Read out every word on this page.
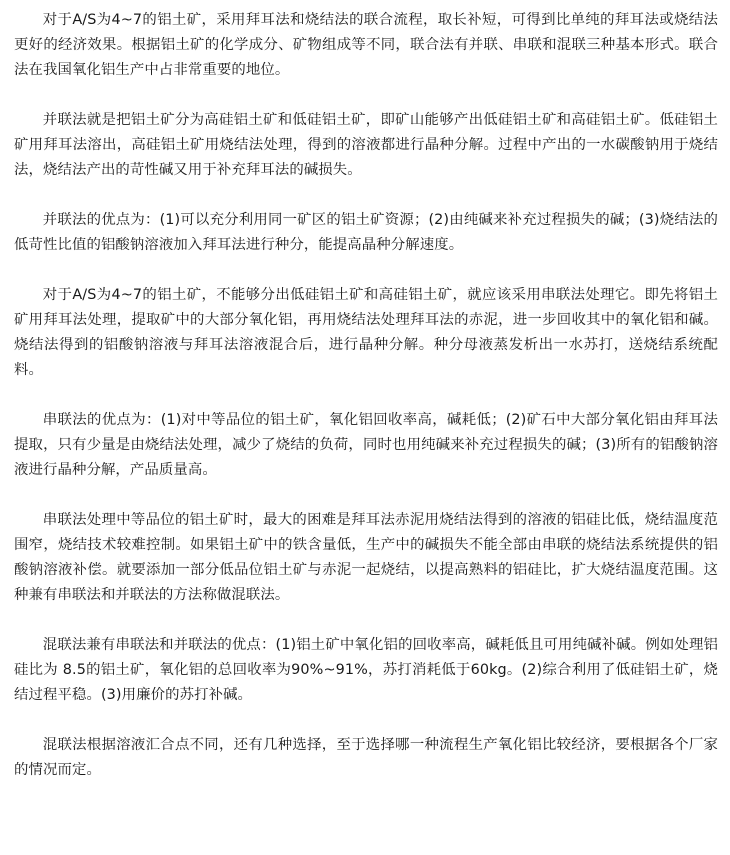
对于A/S为4~7的铝土矿，采用拜耳法和烧结法的联合流程，取长补短，可得到比单纯的拜耳法或烧结法更好的经济效果。根据铝土矿的化学成分、矿物组成等不同，联合法有并联、串联和混联三种基本形式。联合法在我国氧化铝生产中占非常重要的地位。

并联法就是把铝土矿分为高硅铝土矿和低硅铝土矿，即矿山能够产出低硅铝土矿和高硅铝土矿。低硅铝土矿用拜耳法溶出，高硅铝土矿用烧结法处理，得到的溶液都进行晶种分解。过程中产出的一水碳酸钠用于烧结法，烧结法产出的苛性碱又用于补充拜耳法的碱损失。

并联法的优点为：(1)可以充分利用同一矿区的铝土矿资源；(2)由纯碱来补充过程损失的碱；(3)烧结法的低苛性比值的铝酸钠溶液加入拜耳法进行种分，能提高晶种分解速度。

对于A/S为4~7的铝土矿，不能够分出低硅铝土矿和高硅铝土矿，就应该采用串联法处理它。即先将铝土矿用拜耳法处理，提取矿中的大部分氧化铝，再用烧结法处理拜耳法的赤泥，进一步回收其中的氧化铝和碱。烧结法得到的铝酸钠溶液与拜耳法溶液混合后，进行晶种分解。种分母液蒸发析出一水苏打，送烧结系统配料。

串联法的优点为：(1)对中等品位的铝土矿，氧化铝回收率高，碱耗低；(2)矿石中大部分氧化铝由拜耳法提取，只有少量是由烧结法处理，减少了烧结的负荷，同时也用纯碱来补充过程损失的碱；(3)所有的铝酸钠溶液进行晶种分解，产品质量高。

串联法处理中等品位的铝土矿时，最大的困难是拜耳法赤泥用烧结法得到的溶液的铝硅比低，烧结温度范围窄，烧结技术较难控制。如果铝土矿中的铁含量低，生产中的碱损失不能全部由串联的烧结法系统提供的铝酸钠溶液补偿。就要添加一部分低品位铝土矿与赤泥一起烧结，以提高熟料的铝硅比，扩大烧结温度范围。这种兼有串联法和并联法的方法称做混联法。

混联法兼有串联法和并联法的优点：(1)铝土矿中氧化铝的回收率高，碱耗低且可用纯碱补碱。例如处理铝硅比为 8.5的铝土矿，氧化铝的总回收率为90%~91%，苏打消耗低于60kg。(2)综合利用了低硅铝土矿，烧结过程平稳。(3)用廉价的苏打补碱。

混联法根据溶液汇合点不同，还有几种选择，至于选择哪一种流程生产氧化铝比较经济，要根据各个厂家的情况而定。
